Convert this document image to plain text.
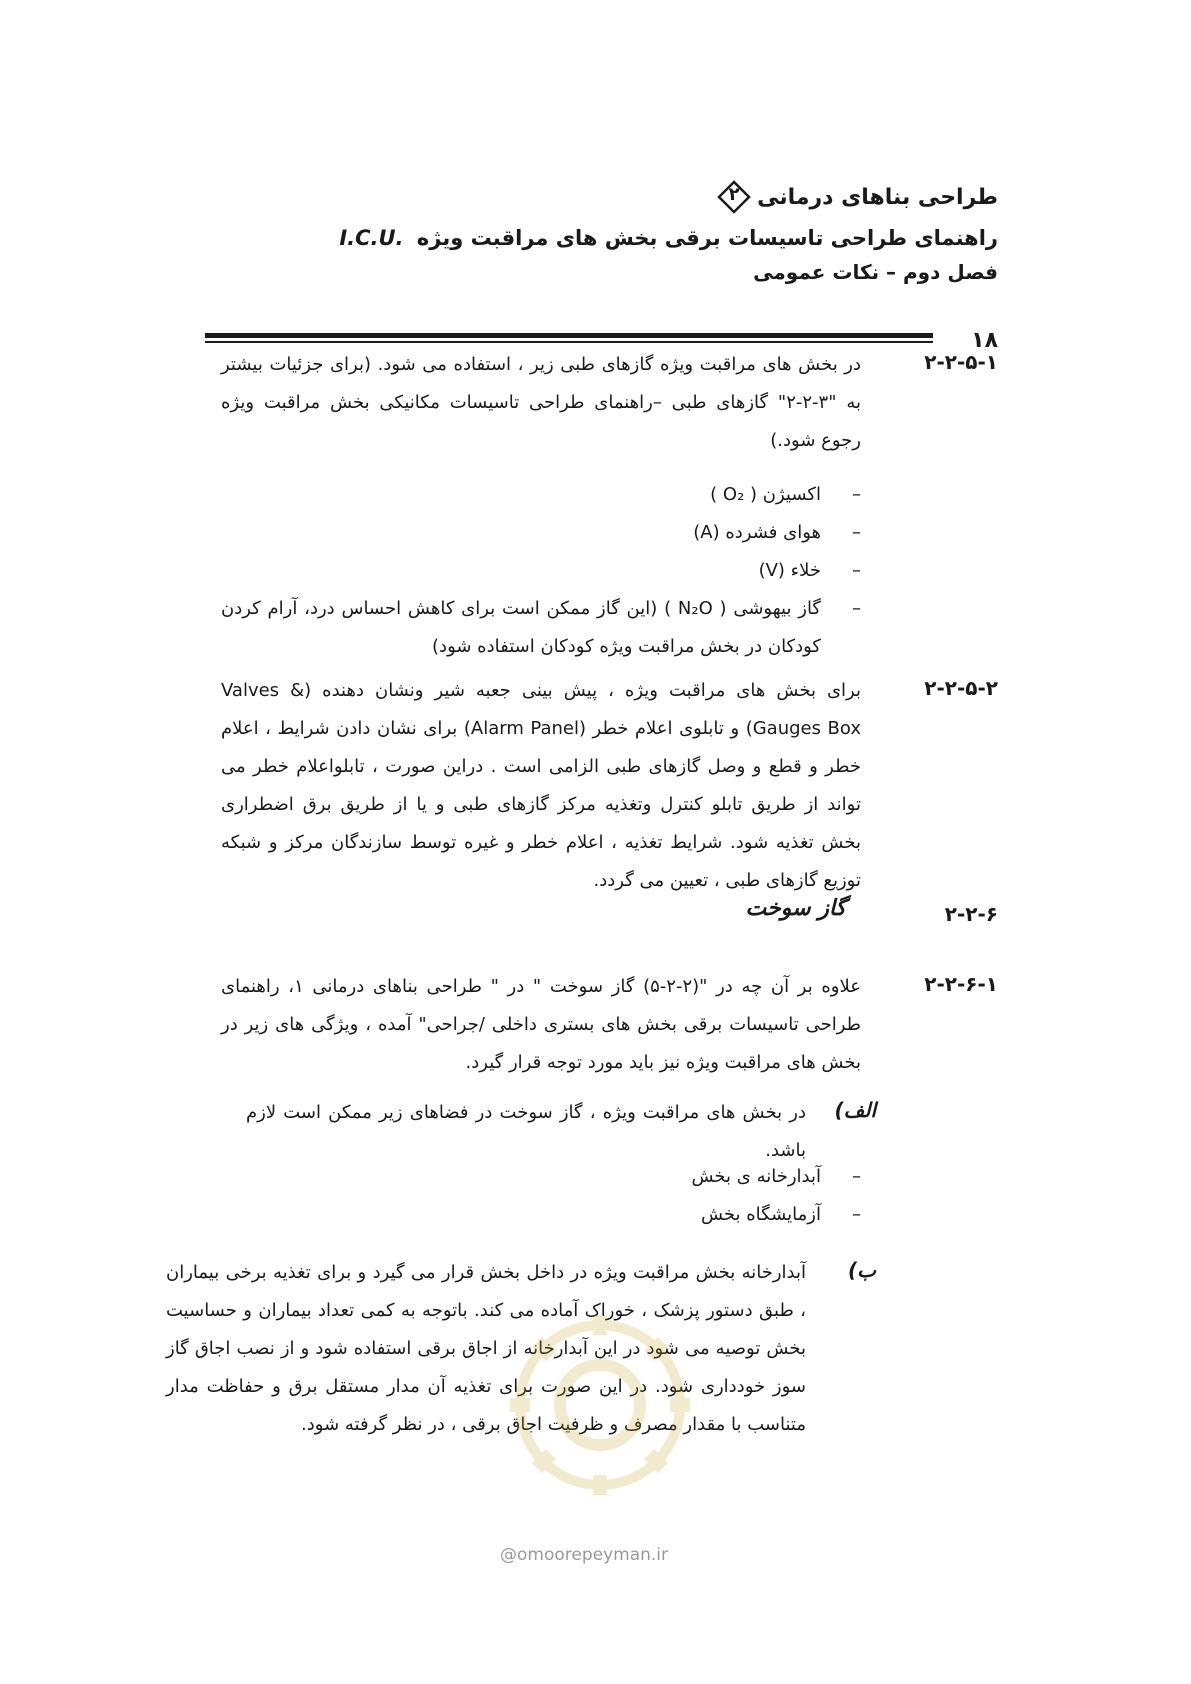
طراحی بناهای درمانی
۲
راهنمای طراحی تاسیسات برقی بخش های مراقبت ویژه I.C.U.
فصل دوم – نکات عمومی
۱۸
۲-۲-۵-۱
در بخش های مراقبت ویژه گازهای طبی زیر ، استفاده می شود. (برای جزئیات بیشتر به "۳-۲-۲" گازهای طبی –راهنمای طراحی تاسیسات مکانیکی بخش مراقبت ویژه رجوع شود.)
–
اکسیژن ( O₂ )
–
هوای فشرده (A)
–
خلاء (V)
–
گاز بیهوشی ( N₂O ) (این گاز ممکن است برای کاهش احساس درد، آرام کردن کودکان در بخش مراقبت ویژه کودکان استفاده شود)
۲-۲-۵-۲
برای بخش های مراقبت ویژه ، پیش بینی جعبه شیر ونشان دهنده (Valves & Gauges Box) و تابلوی اعلام خطر (Alarm Panel) برای نشان دادن شرایط ، اعلام خطر و قطع و وصل گازهای طبی الزامی است . دراین صورت ، تابلواعلام خطر می تواند از طریق تابلو کنترل وتغذیه مرکز گازهای طبی و یا از طریق برق اضطراری بخش تغذیه شود. شرایط تغذیه ، اعلام خطر و غیره توسط سازندگان مرکز و شبکه توزیع گازهای طبی ، تعیین می گردد.
۲-۲-۶
گاز سوخت
۲-۲-۶-۱
علاوه بر آن چه در "(۲-۲-۵) گاز سوخت " در " طراحی بناهای درمانی ۱، راهنمای طراحی تاسیسات برقی بخش های بستری داخلی /جراحی" آمده ، ویژگی های زیر در بخش های مراقبت ویژه نیز باید مورد توجه قرار گیرد.
الف)
در بخش های مراقبت ویژه ، گاز سوخت در فضاهای زیر ممکن است لازم باشد.
–
آبدارخانه ی بخش
–
آزمایشگاه بخش
ب)
آبدارخانه بخش مراقبت ویژه در داخل بخش قرار می گیرد و برای تغذیه برخی بیماران ، طبق دستور پزشک ، خوراک آماده می کند. باتوجه به کمی تعداد بیماران و حساسیت بخش توصیه می شود در این آبدارخانه از اجاق برقی استفاده شود و از نصب اجاق گاز سوز خودداری شود. در این صورت برای تغذیه آن مدار مستقل برق و حفاظت مدار متناسب با مقدار مصرف و ظرفیت اجاق برقی ، در نظر گرفته شود.
@omoorepeyman.ir
